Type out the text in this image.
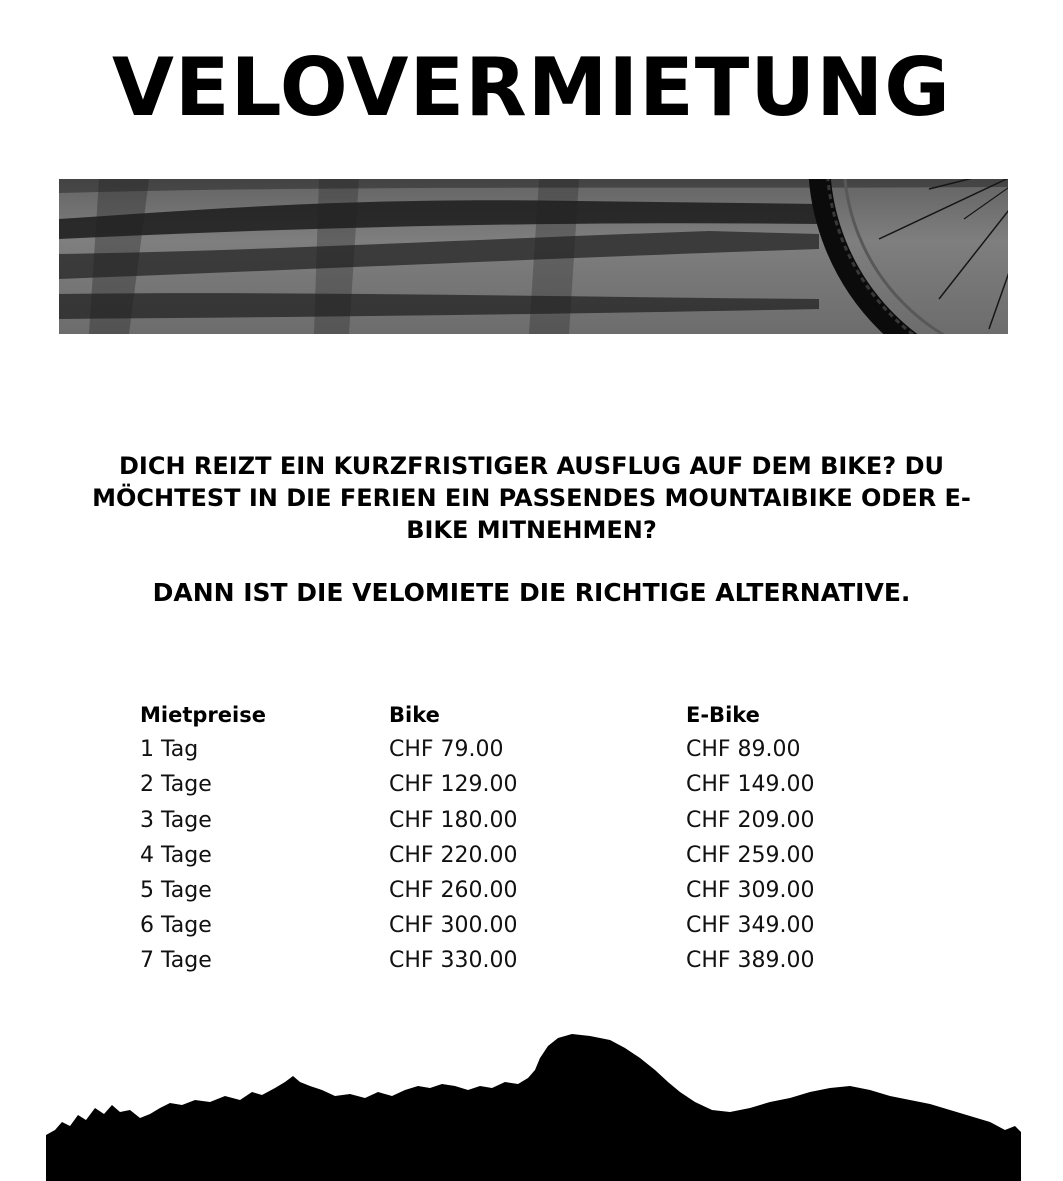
VELOVERMIETUNG

DICH REIZT EIN KURZFRISTIGER AUSFLUG AUF DEM BIKE? DU MÖCHTEST IN DIE FERIEN EIN PASSENDES MOUNTAIBIKE ODER E-BIKE MITNEHMEN?

DANN IST DIE VELOMIETE DIE RICHTIGE ALTERNATIVE.

Mietpreise	Bike	E-Bike
1 Tag	CHF 79.00	CHF 89.00
2 Tage	CHF 129.00	CHF 149.00
3 Tage	CHF 180.00	CHF 209.00
4 Tage	CHF 220.00	CHF 259.00
5 Tage	CHF 260.00	CHF 309.00
6 Tage	CHF 300.00	CHF 349.00
7 Tage	CHF 330.00	CHF 389.00
